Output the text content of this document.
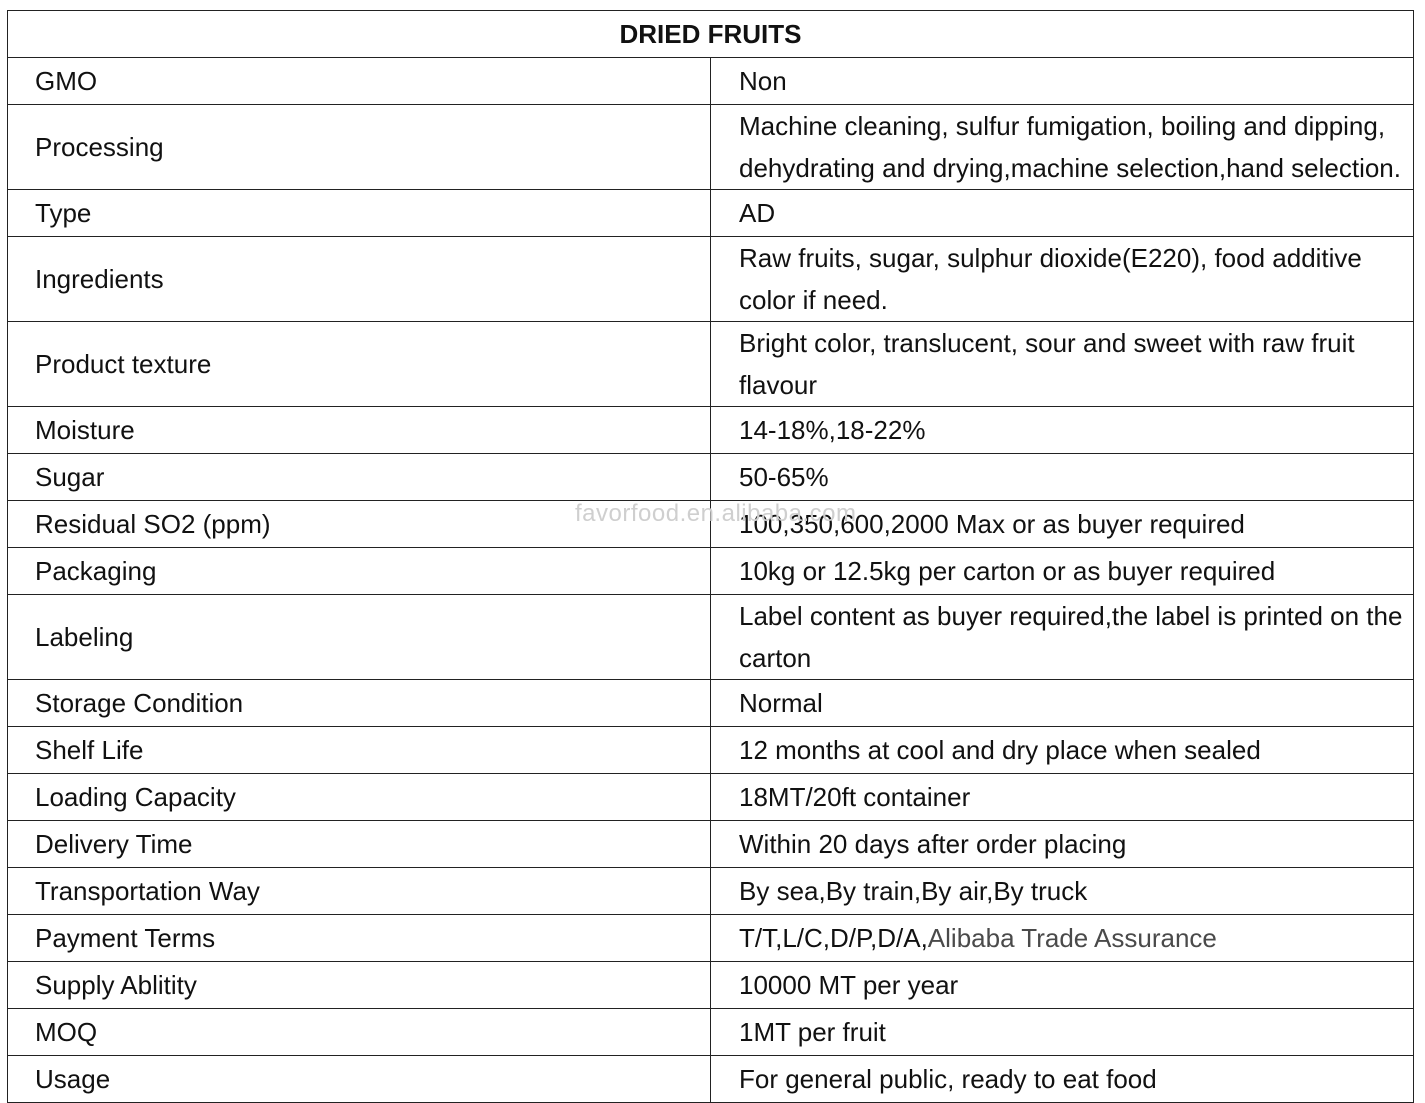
DRIED FRUITS	
GMO	Non
Processing	Machine cleaning, sulfur fumigation, boiling and dipping, dehydrating and drying,machine selection,hand selection.
Type	AD
Ingredients	Raw fruits, sugar, sulphur dioxide(E220), food additive color if need.
Product texture	Bright color, translucent, sour and sweet with raw fruit flavour
Moisture	14-18%,18-22%
Sugar	50-65%
Residual SO2 (ppm)	100,350,600,2000 Max or as buyer required
Packaging	10kg or 12.5kg per carton or as buyer required
Labeling	Label content as buyer required,the label is printed on the carton
Storage Condition	Normal
Shelf Life	12 months at cool and dry place when sealed
Loading Capacity	18MT/20ft container
Delivery Time	Within 20 days after order placing
Transportation Way	By sea,By train,By air,By truck
Payment Terms	T/T,L/C,D/P,D/A,Alibaba Trade Assurance
Supply Ablitity	10000 MT per year
MOQ	1MT per fruit
Usage	For general public, ready to eat food
favorfood.en.alibaba.com
